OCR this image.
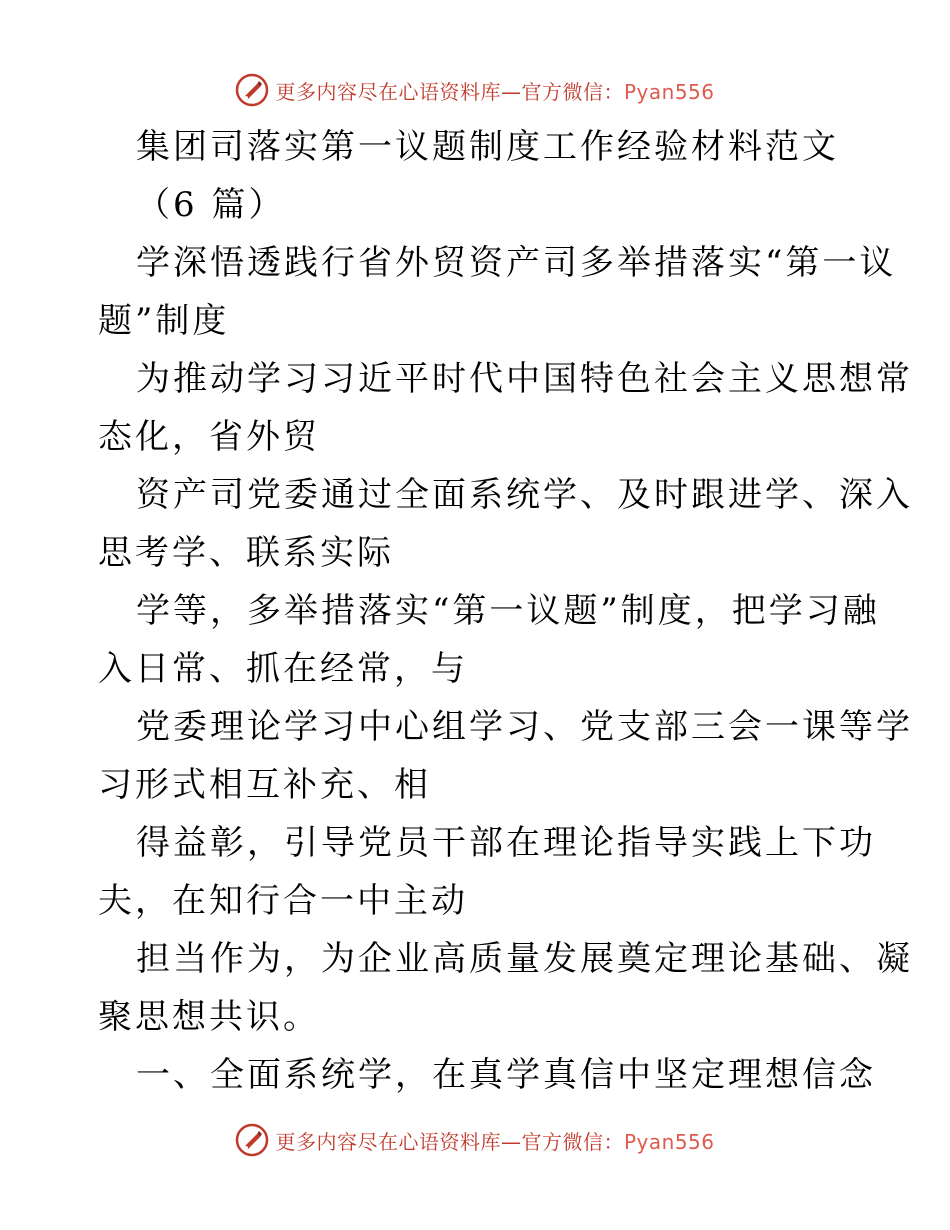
更多内容尽在心语资料库—官方微信：Pyan556
集团司落实第一议题制度工作经验材料范文
（6 篇）
学深悟透践行省外贸资产司多举措落实“第一议
题”制度
为推动学习习近平时代中国特色社会主义思想常
态化，省外贸
资产司党委通过全面系统学、及时跟进学、深入
思考学、联系实际
学等，多举措落实“第一议题”制度，把学习融
入日常、抓在经常，与
党委理论学习中心组学习、党支部三会一课等学
习形式相互补充、相
得益彰，引导党员干部在理论指导实践上下功
夫，在知行合一中主动
担当作为，为企业高质量发展奠定理论基础、凝
聚思想共识。
一、全面系统学，在真学真信中坚定理想信念
更多内容尽在心语资料库—官方微信：Pyan556
